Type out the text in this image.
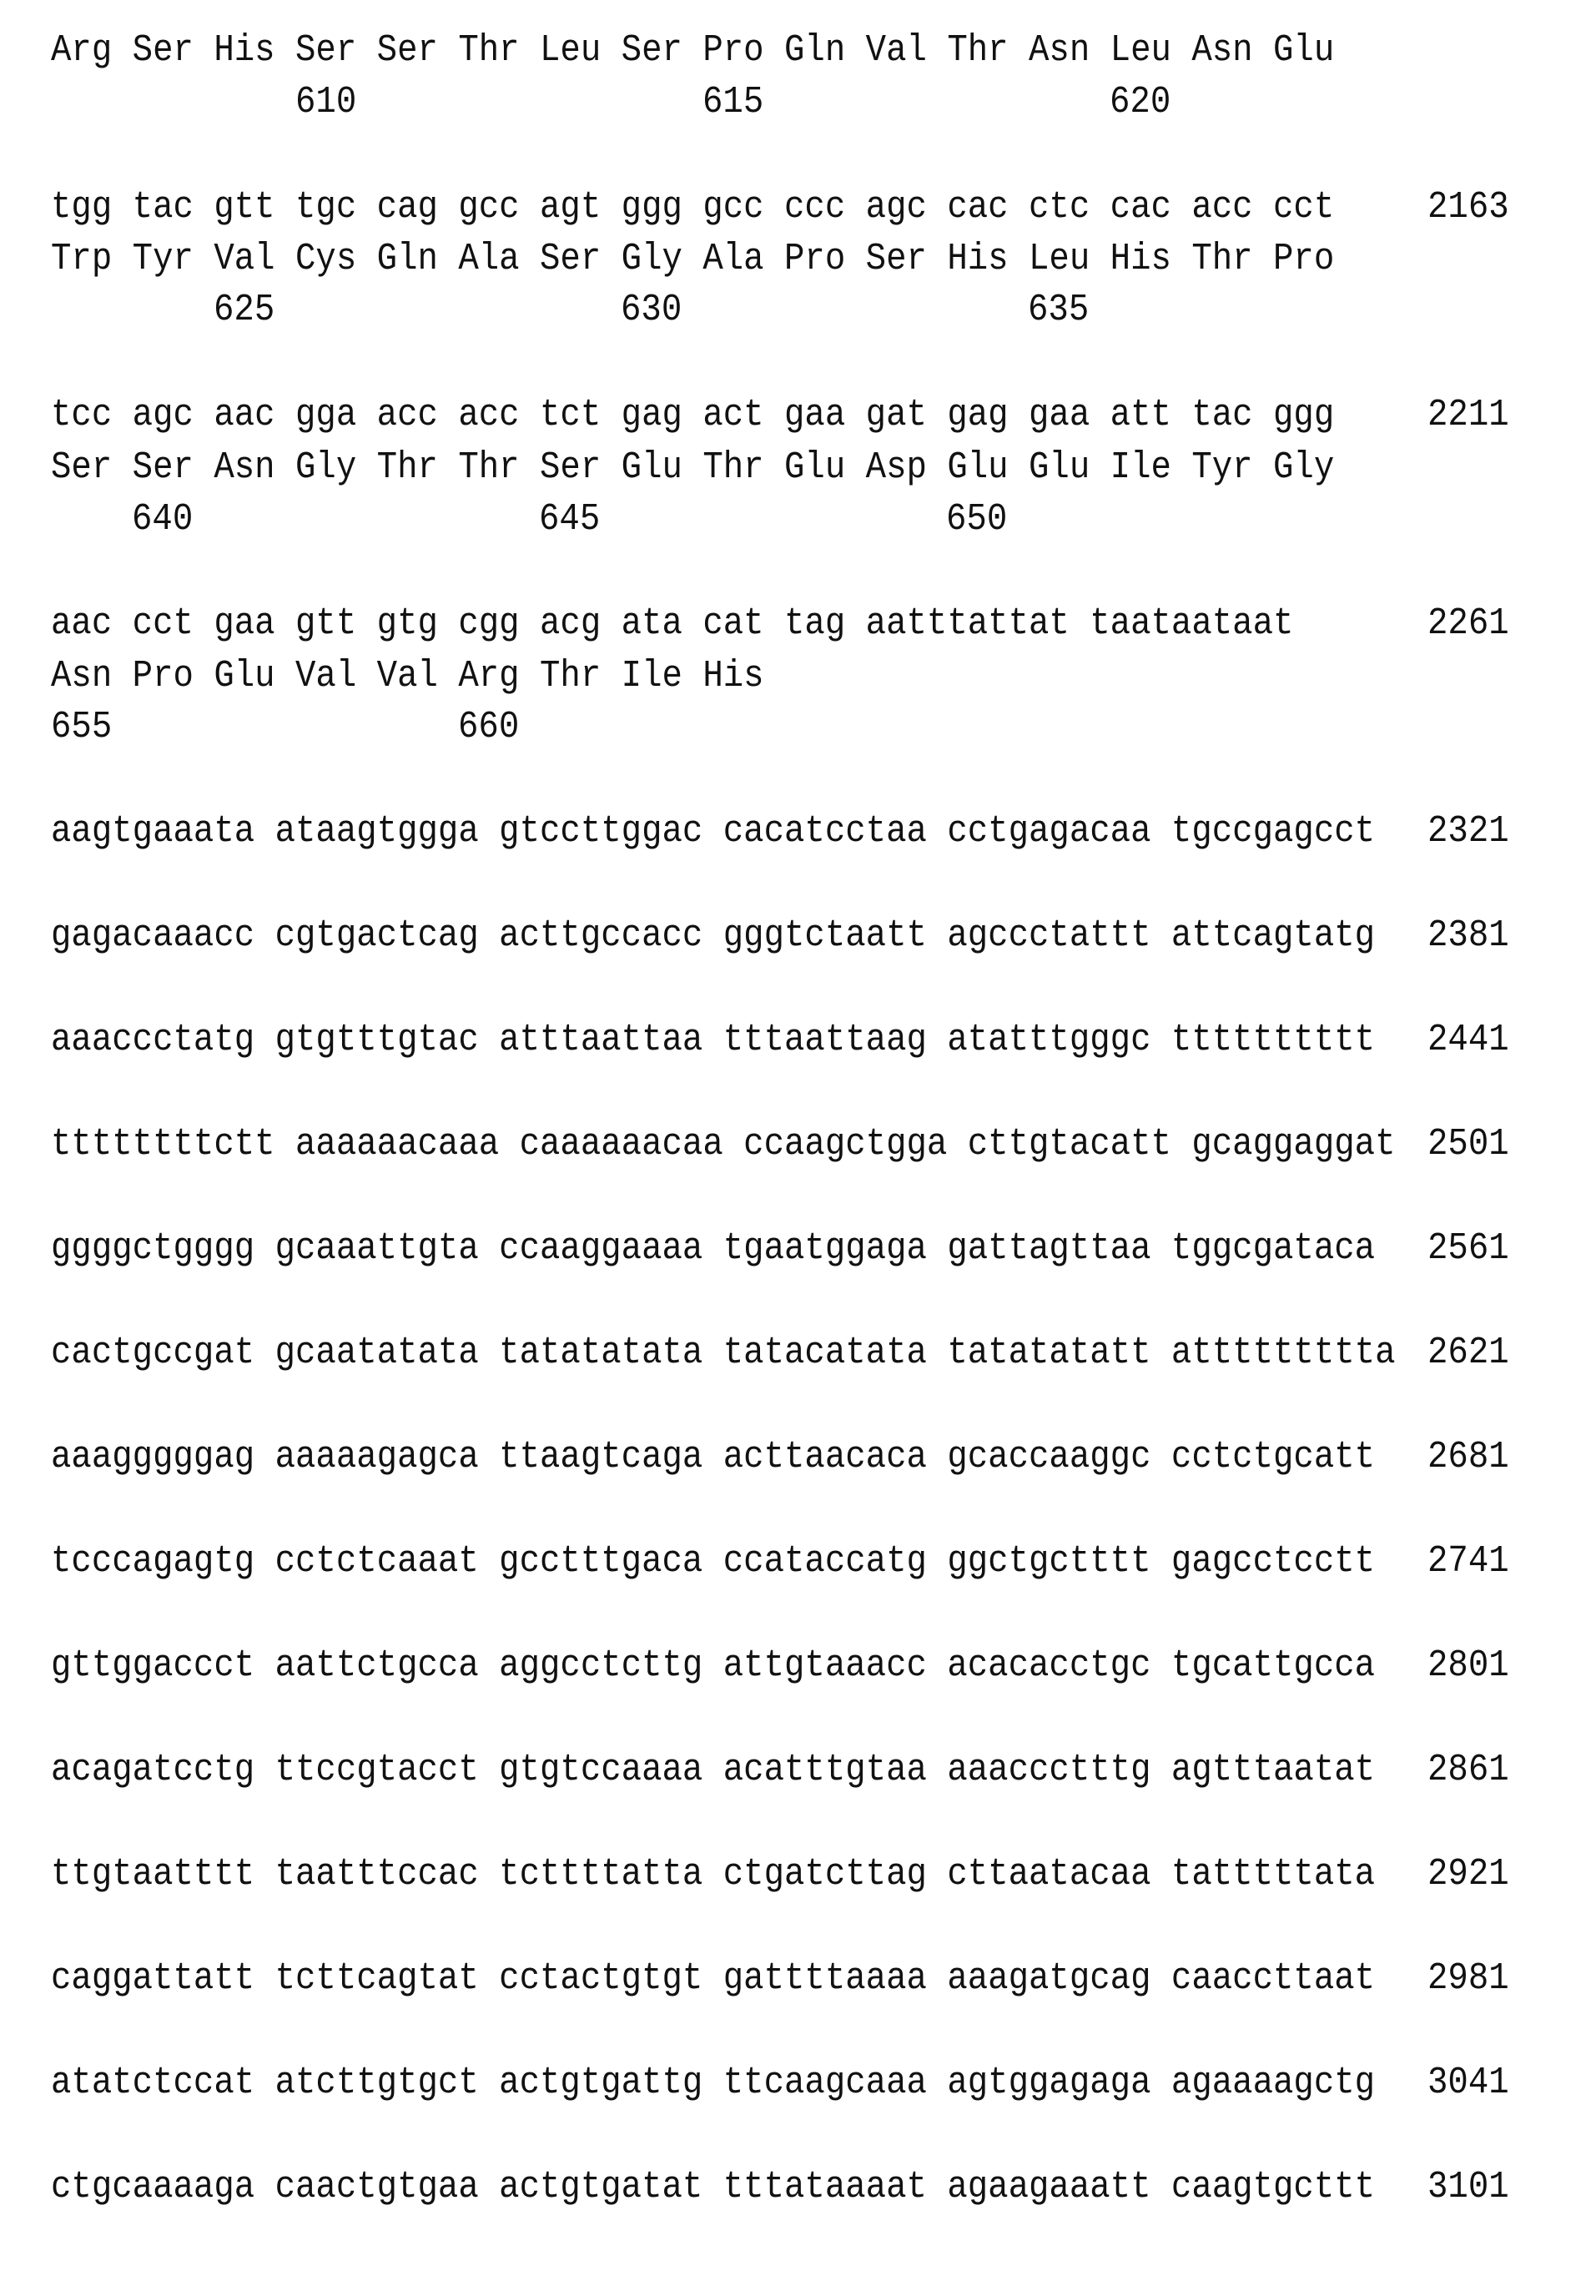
Arg Ser His Ser Ser Thr Leu Ser Pro Gln Val Thr Asn Leu Asn Glu
610	615	620
tgg tac gtt tgc cag gcc agt ggg gcc ccc agc cac ctc cac acc cct	2163
Trp Tyr Val Cys Gln Ala Ser Gly Ala Pro Ser His Leu His Thr Pro
625	630	635
tcc agc aac gga acc acc tct gag act gaa gat gag gaa att tac ggg	2211
Ser Ser Asn Gly Thr Thr Ser Glu Thr Glu Asp Glu Glu Ile Tyr Gly
640	645	650
aac cct gaa gtt gtg cgg acg ata cat tag aatttattat taataataat	2261
Asn Pro Glu Val Val Arg Thr Ile His
655	660
aagtgaaata ataagtggga gtccttggac cacatcctaa cctgagacaa tgccgagcct 2321
gagacaaacc cgtgactcag acttgccacc gggtctaatt agccctattt attcagtatg 2381
aaaccctatg gtgtttgtac atttaattaa tttaattaag atatttgggc tttttttttt 2441
ttttttttctt aaaaaacaaa caaaaaacaa ccaagctgga cttgtacatt gcaggaggat 2501
ggggctgggg gcaaattgta ccaaggaaaa tgaatggaga gattagttaa tggcgataca 2561
cactgccgat gcaatatata tatatatata tatacatata tatatatatt attttttttta 2621
aaagggggag aaaaagagca ttaagtcaga acttaacaca gcaccaaggc cctctgcatt 2681
tcccagagtg cctctcaaat gcctttgaca ccataccatg ggctgctttt gagcctcctt 2741
gttggaccct aattctgcca aggcctcttg attgtaaacc acacacctgc tgcattgcca 2801
acagatcctg ttccgtacct gtgtccaaaa acatttgtaa aaaccctttg agtttaatat 2861
ttgtaatttt taatttccac tcttttatta ctgatcttag cttaatacaa tatttttata 2921
caggattatt tcttcagtat cctactgtgt gattttaaaa aaagatgcag caaccttaat 2981
atatctccat atcttgtgct actgtgattg ttcaagcaaa agtggagaga agaaaagctg 3041
ctgcaaaaga caactgtgaa actgtgatat tttataaaat agaagaaatt caagtgcttt 3101
